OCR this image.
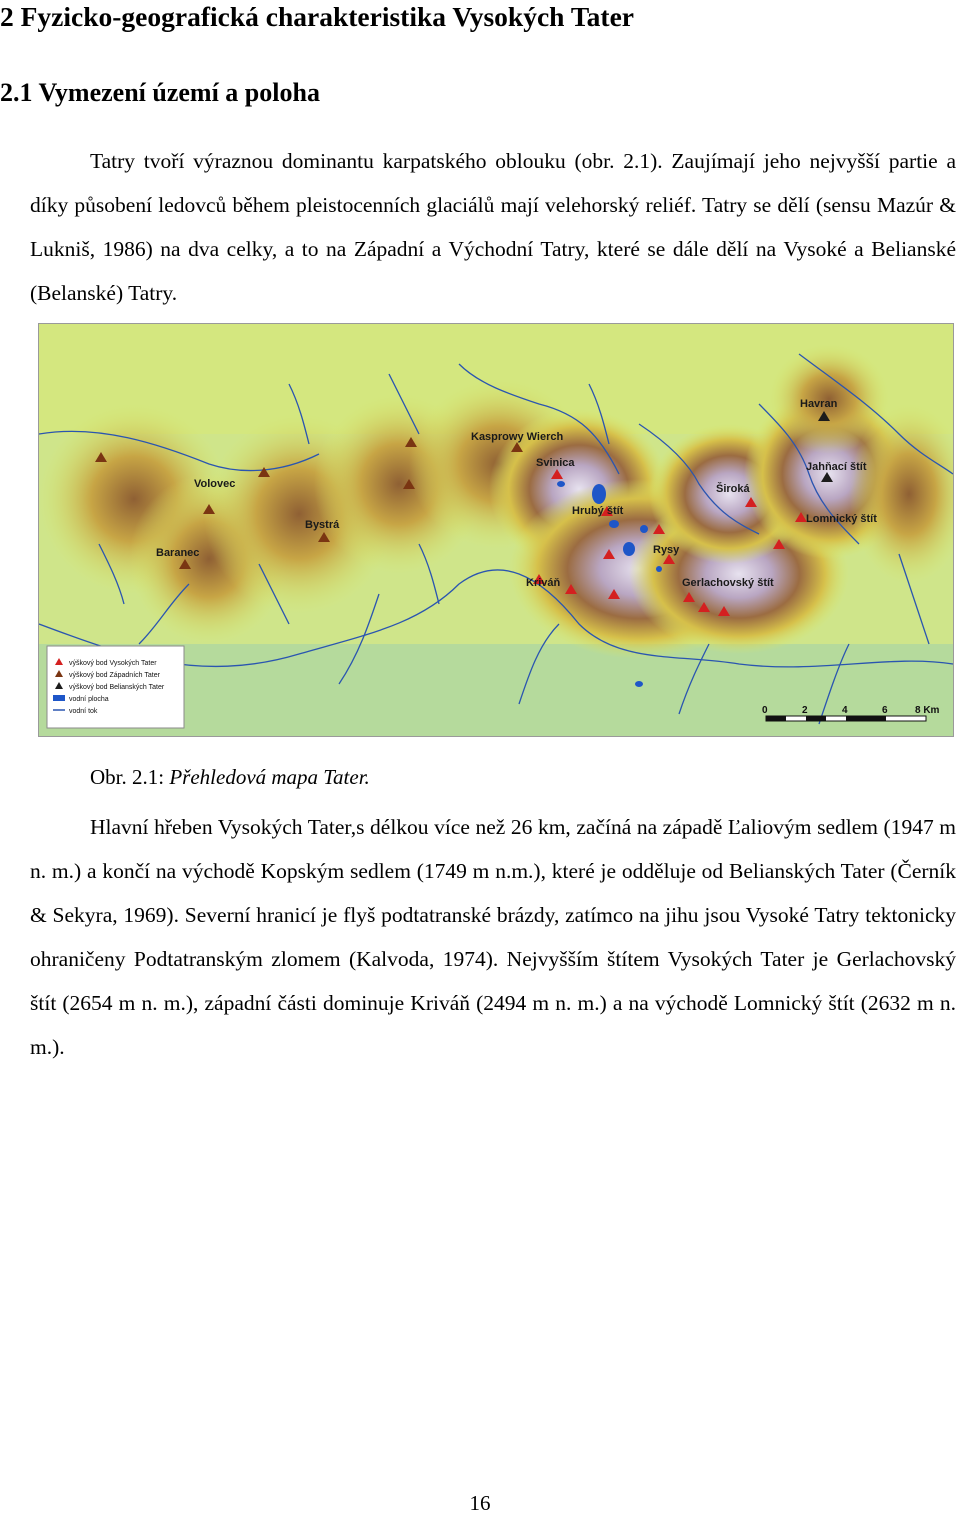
2 Fyzicko-geografická charakteristika Vysokých Tater
2.1 Vymezení území a poloha

Tatry tvoří výraznou dominantu karpatského oblouku (obr. 2.1). Zaujímají jeho nejvyšší partie a díky působení ledovců během pleistocenních glaciálů mají velehorský reliéf. Tatry se dělí (sensu Mazúr & Lukniš, 1986) na dva celky, a to na Západní a Východní Tatry, které se dále dělí na Vysoké a Belianské (Belanské) Tatry.

Havran
Kasprowy Wierch
Jahňací štít
Svinica
Volovec	Široká
Hrubý štít
Lomnický štít
Bystrá
Rysy
Baranec
Kriváň	Gerlachovský štít
výškový bod Vysokých Tater
výškový bod Západních Tater
výškový bod Belianských Tater
vodní plocha
vodní tok	0	2	4	6	8 Km
Obr. 2.1: Přehledová mapa Tater.

Hlavní hřeben Vysokých Tater,s délkou více než 26 km, začíná na západě Ľaliovým sedlem (1947 m n. m.) a končí na východě Kopským sedlem (1749 m n.m.), které je odděluje od Belianských Tater (Černík & Sekyra, 1969). Severní hranicí je flyš podtatranské brázdy, zatímco na jihu jsou Vysoké Tatry tektonicky ohraničeny Podtatranským zlomem (Kalvoda, 1974). Nejvyšším štítem Vysokých Tater je Gerlachovský štít (2654 m n. m.), západní části dominuje Kriváň (2494 m n. m.) a na východě Lomnický štít (2632 m n. m.).

16
